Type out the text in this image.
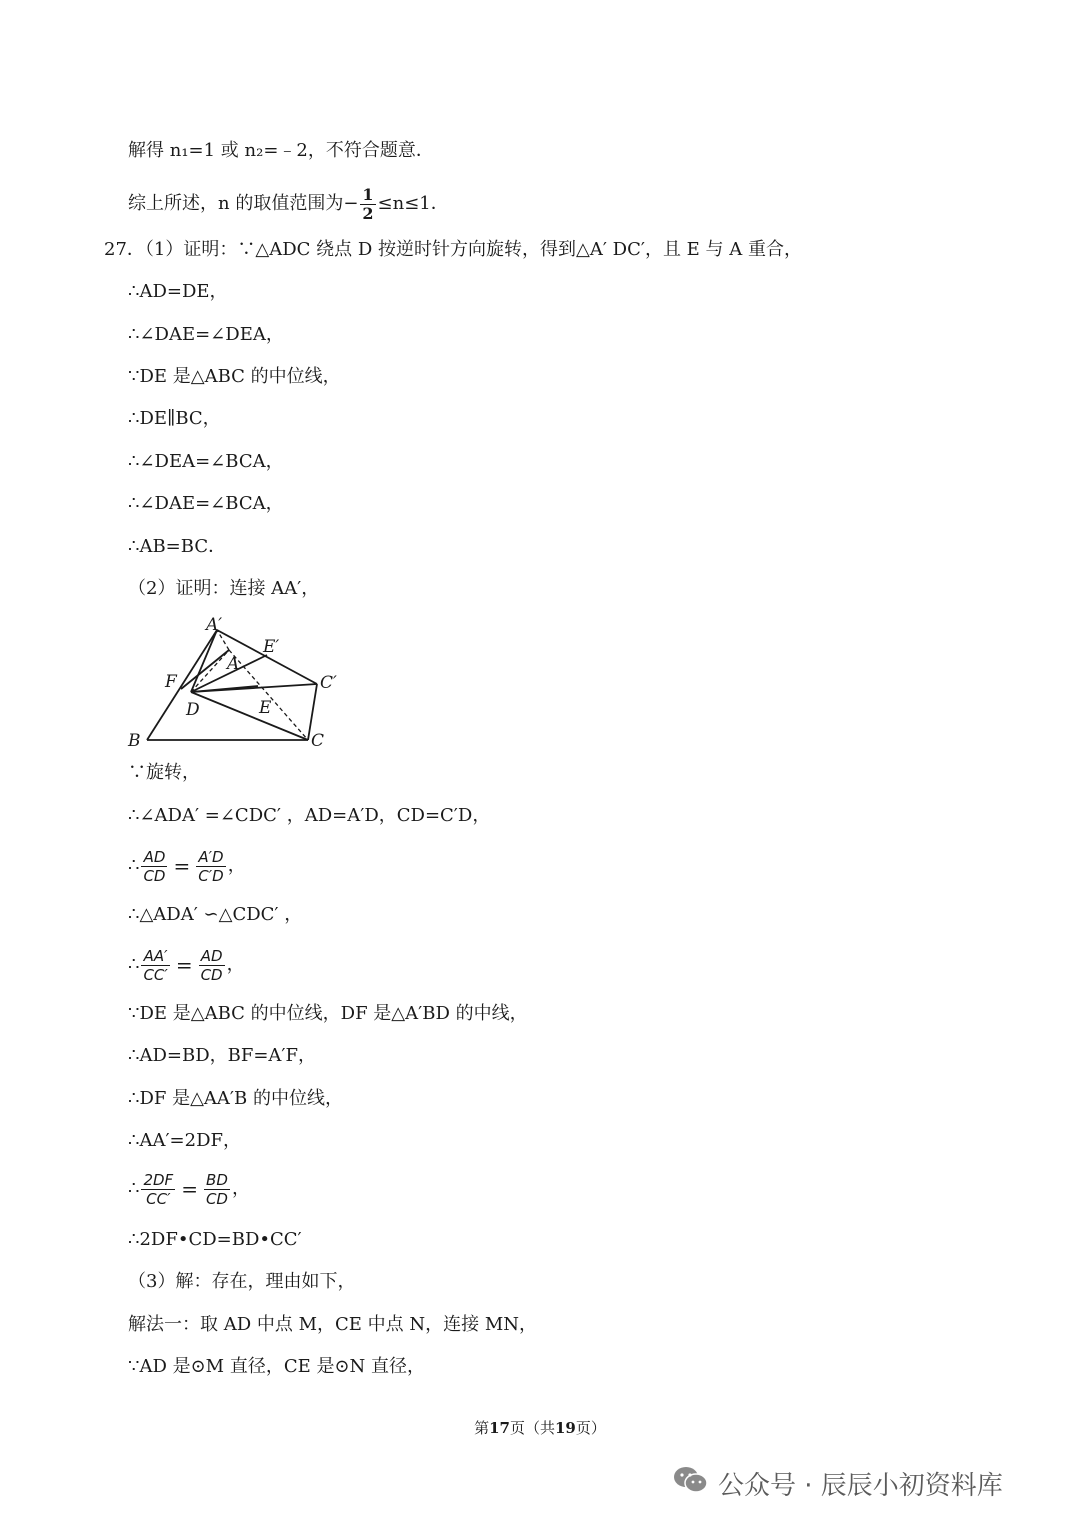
解得 n₁=1 或 n₂=﹣2，不符合题意．
综上所述，n 的取值范围为− $\frac{1}{2} \le n\le 1$．
27．（1）证明：∵△ADC 绕点 D 按逆时针方向旋转，得到△A′ DC′，且 E 与 A 重合，
∴AD=DE，
∴∠DAE=∠DEA，
∵DE 是△ABC 的中位线，
∴DE∥BC，
∴∠DEA=∠BCA，
∴∠DAE=∠BCA，
∴AB=BC．
（2）证明：连接 AA′，
A′
E′
A
F	C′
D	E
B	C
∵旋转，
∴∠ADA′ =∠CDC′ ，AD=A′D，CD=C′D，
∴ $\frac{AD}{CD} = \frac{A'D}{C'D}$ ，
∴△ADA′ ∽△CDC′ ，
∴ $\frac{AA'}{CC'} = \frac{AD}{CD}$ ，
∵DE 是△ABC 的中位线，DF 是△A′BD 的中线，
∴AD=BD，BF=A′F，
∴DF 是△AA′B 的中位线，
∴AA′=2DF，
∴ $\frac{2DF}{CC'} = \frac{BD}{CD}$ ，
∴2DF•CD=BD•CC′
（3）解：存在，理由如下，
解法一：取 AD 中点 M，CE 中点 N，连接 MN，
∵AD 是⊙M 直径，CE 是⊙N 直径，
第17页（共19页）
公众号 · 辰辰小初资料库
